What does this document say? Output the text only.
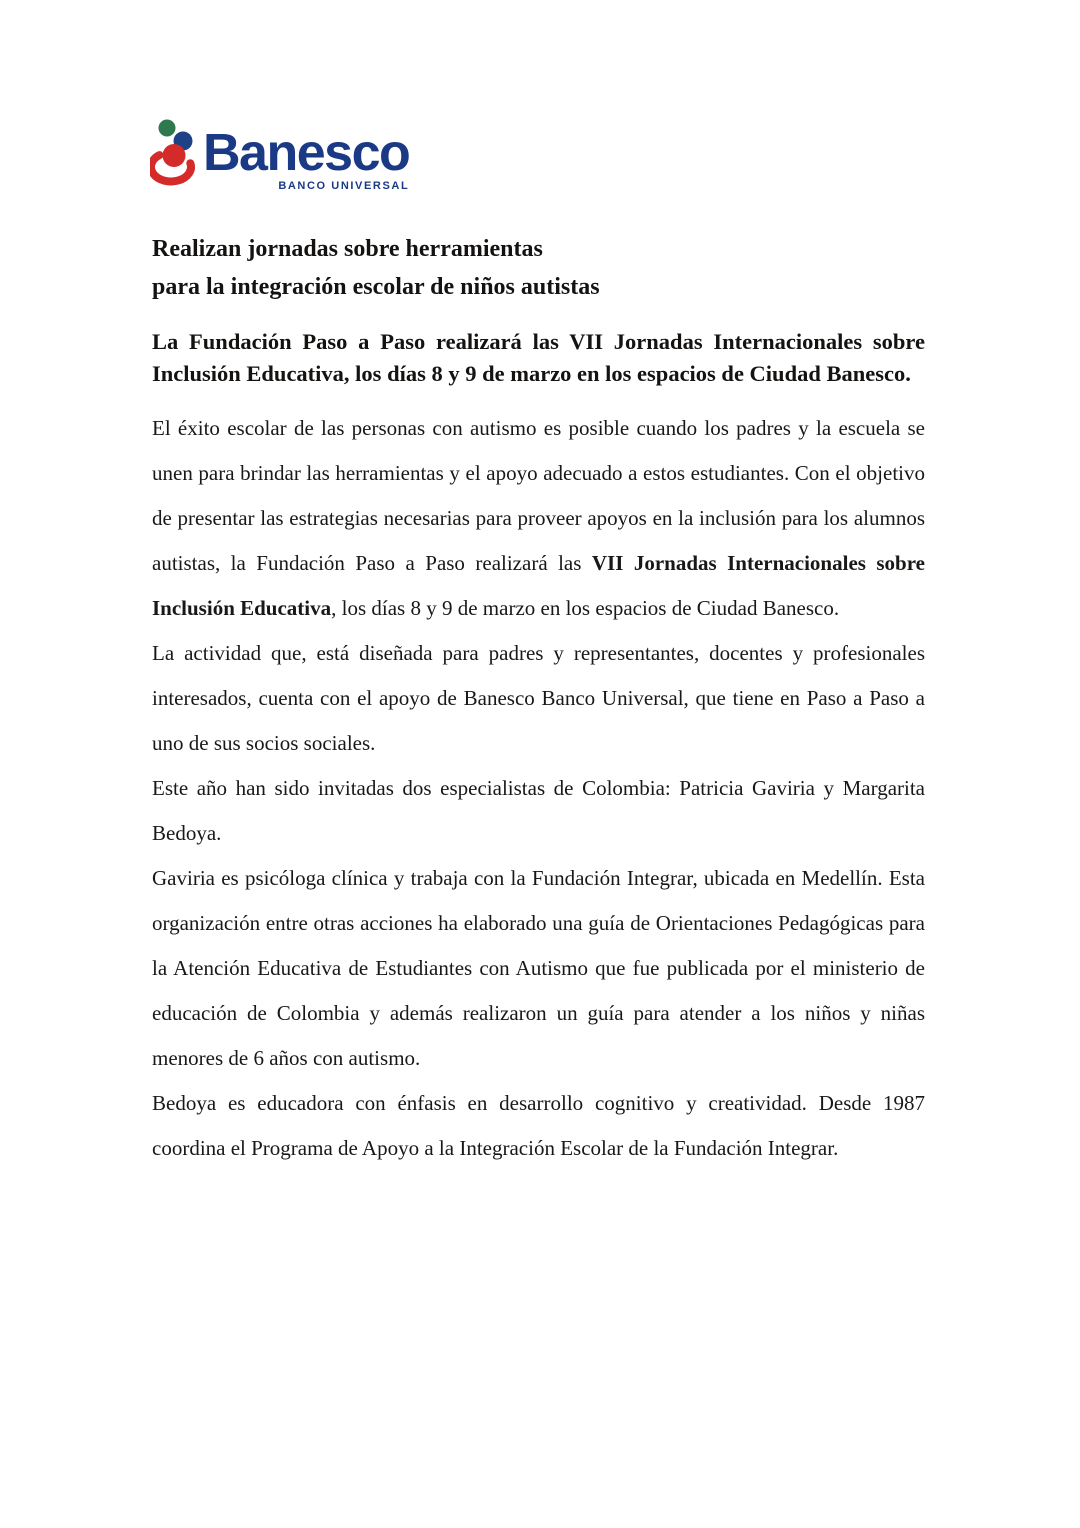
Banesco
BANCO UNIVERSAL
Realizan jornadas sobre herramientas
para la integración escolar de niños autistas

La Fundación Paso a Paso realizará las VII Jornadas Internacionales sobre Inclusión Educativa, los días 8 y 9 de marzo en los espacios de Ciudad Banesco.

El éxito escolar de las personas con autismo es posible cuando los padres y la escuela se unen para brindar las herramientas y el apoyo adecuado a estos estudiantes. Con el objetivo de presentar las estrategias necesarias para proveer apoyos en la inclusión para los alumnos autistas, la Fundación Paso a Paso realizará las VII Jornadas Internacionales sobre Inclusión Educativa, los días 8 y 9 de marzo en los espacios de Ciudad Banesco.

La actividad que, está diseñada para padres y representantes, docentes y profesionales interesados, cuenta con el apoyo de Banesco Banco Universal, que tiene en Paso a Paso a uno de sus socios sociales.

Este año han sido invitadas dos especialistas de Colombia: Patricia Gaviria y Margarita Bedoya.

Gaviria es psicóloga clínica y trabaja con la Fundación Integrar, ubicada en Medellín. Esta organización entre otras acciones ha elaborado una guía de Orientaciones Pedagógicas para la Atención Educativa de Estudiantes con Autismo que fue publicada por el ministerio de educación de Colombia y además realizaron un guía para atender a los niños y niñas menores de 6 años con autismo.

Bedoya es educadora con énfasis en desarrollo cognitivo y creatividad. Desde 1987 coordina el Programa de Apoyo a la Integración Escolar de la Fundación Integrar.
